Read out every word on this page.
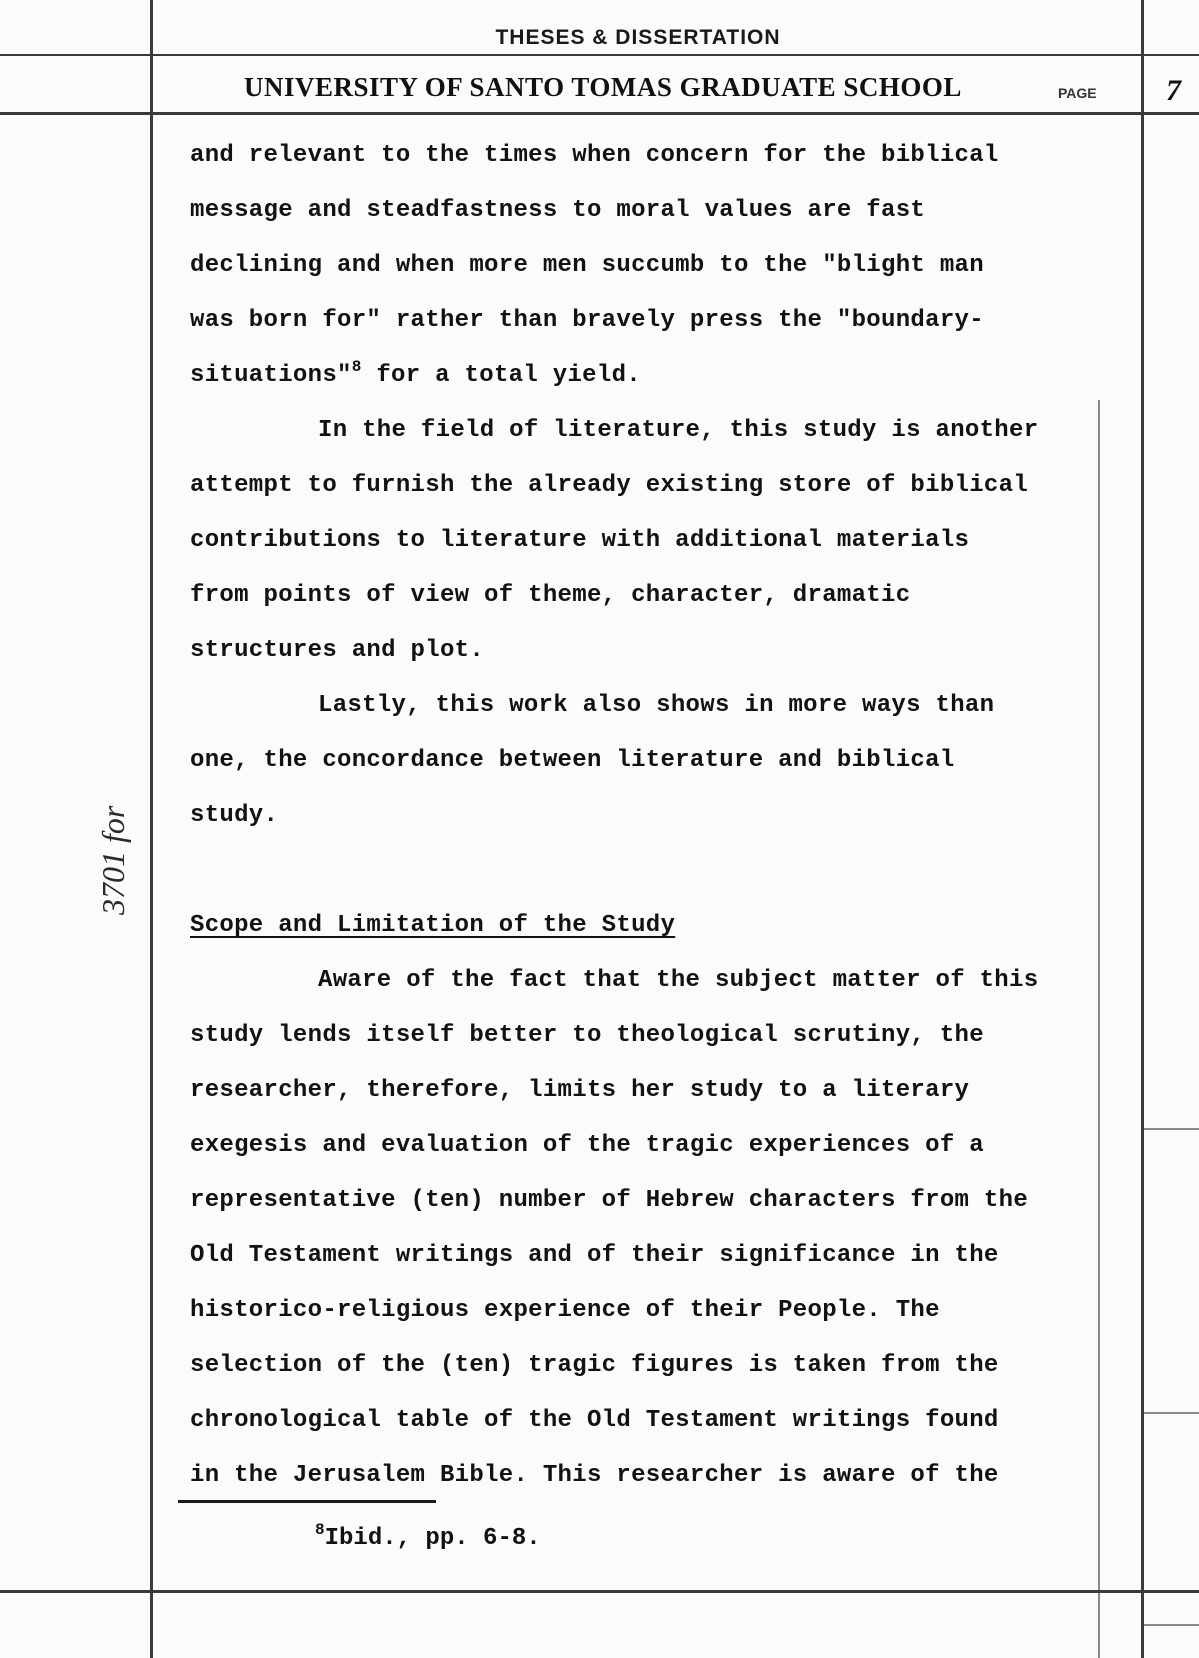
THESES & DISSERTATION
UNIVERSITY OF SANTO TOMAS GRADUATE SCHOOL	PAGE 7
3701 for
and relevant to the times when concern for the biblical
message and steadfastness to moral values are fast
declining and when more men succumb to the "blight man
was born for" rather than bravely press the "boundary-
situations"$^8$ for a total yield.
In the field of literature, this study is another
attempt to furnish the already existing store of biblical
contributions to literature with additional materials
from points of view of theme, character, dramatic
structures and plot.
Lastly, this work also shows in more ways than
one, the concordance between literature and biblical
study.
Scope and Limitation of the Study
Aware of the fact that the subject matter of this
study lends itself better to theological scrutiny, the
researcher, therefore, limits her study to a literary
exegesis and evaluation of the tragic experiences of a
representative (ten) number of Hebrew characters from the
Old Testament writings and of their significance in the
historico-religious experience of their People. The
selection of the (ten) tragic figures is taken from the
chronological table of the Old Testament writings found
in the Jerusalem Bible. This researcher is aware of the
$^8$Ibid., pp. 6-8.
